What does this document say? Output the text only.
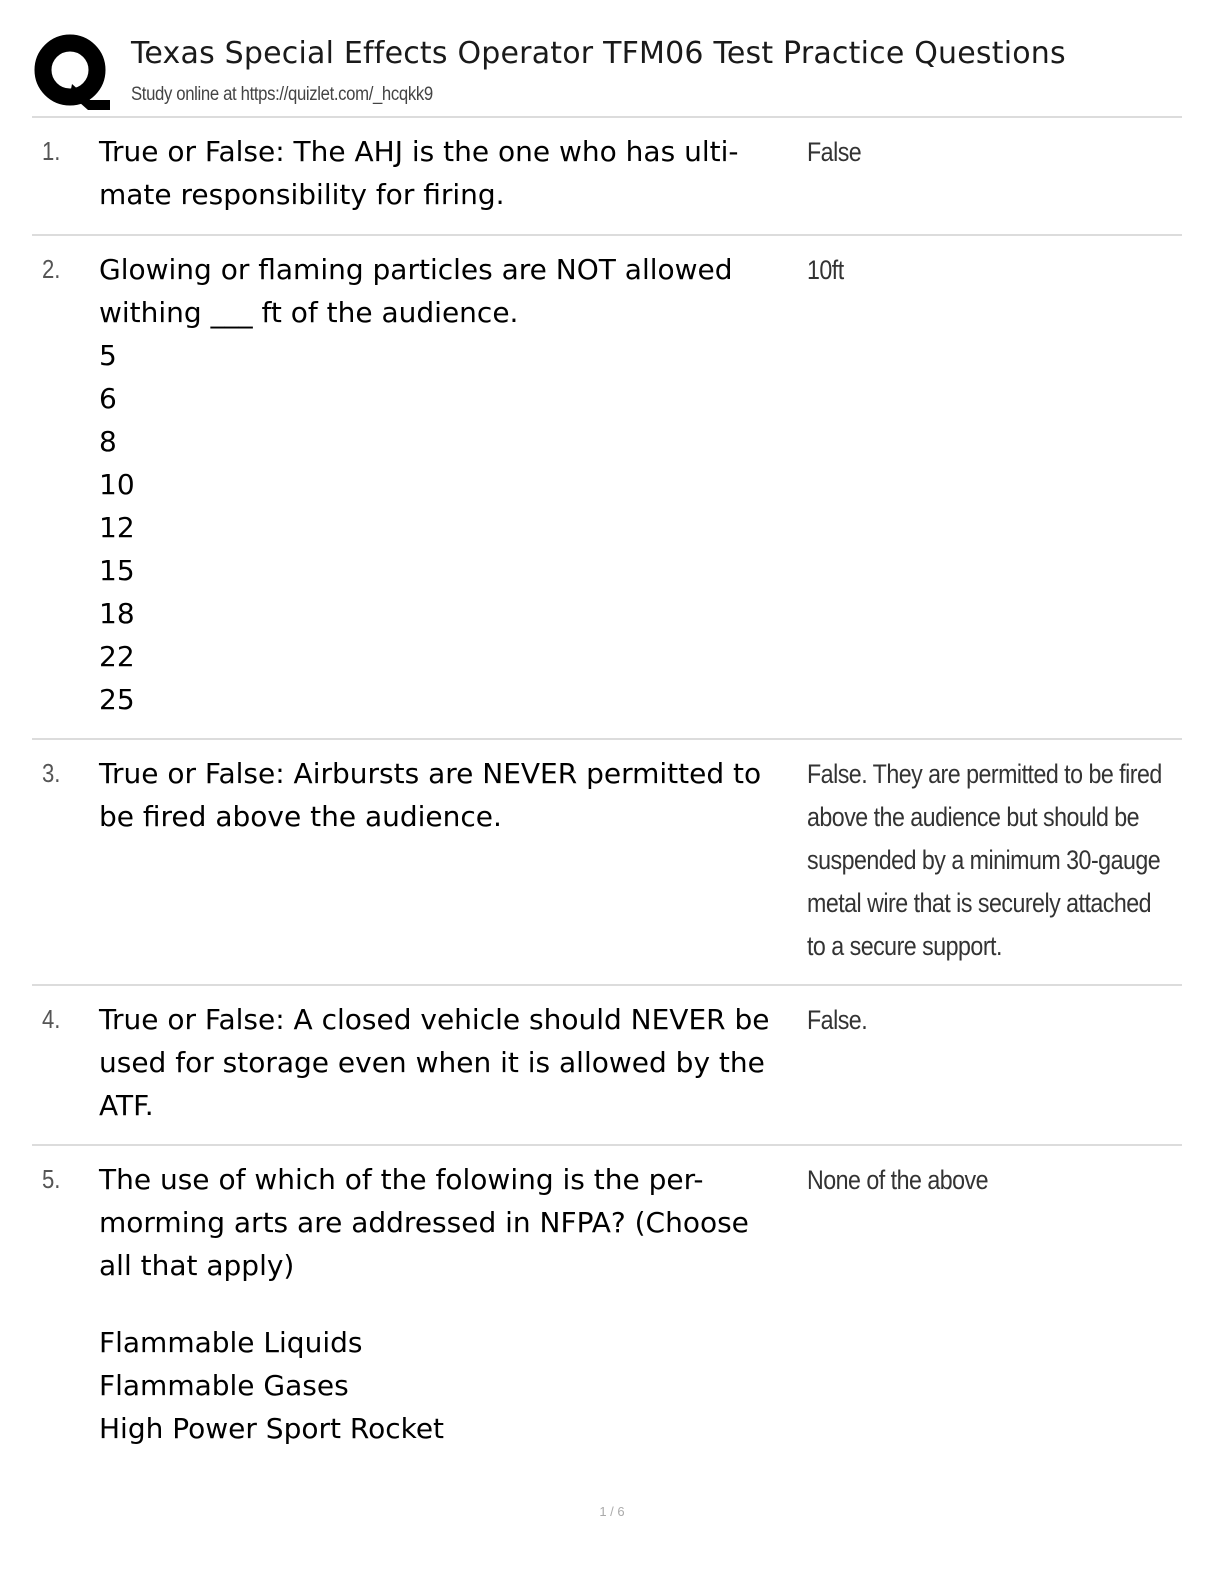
Texas Special Effects Operator TFM06 Test Practice Questions
Study online at https://quizlet.com/_hcqkk9
1. True or False: The AHJ is the one who has ulti-
mate responsibility for firing.
False
2. Glowing or flaming particles are NOT allowed
withing ___ ft of the audience.
5
6
8
10
12
15
18
22
25
10ft
3. True or False: Airbursts are NEVER permitted to
be fired above the audience.
False. They are permitted to be fired
above the audience but should be
suspended by a minimum 30-gauge
metal wire that is securely attached
to a secure support.
4. True or False: A closed vehicle should NEVER be
used for storage even when it is allowed by the
ATF.
False.
5. The use of which of the folowing is the per-
morming arts are addressed in NFPA? (Choose
all that apply)
Flammable Liquids
Flammable Gases
High Power Sport Rocket
None of the above
1 / 6
